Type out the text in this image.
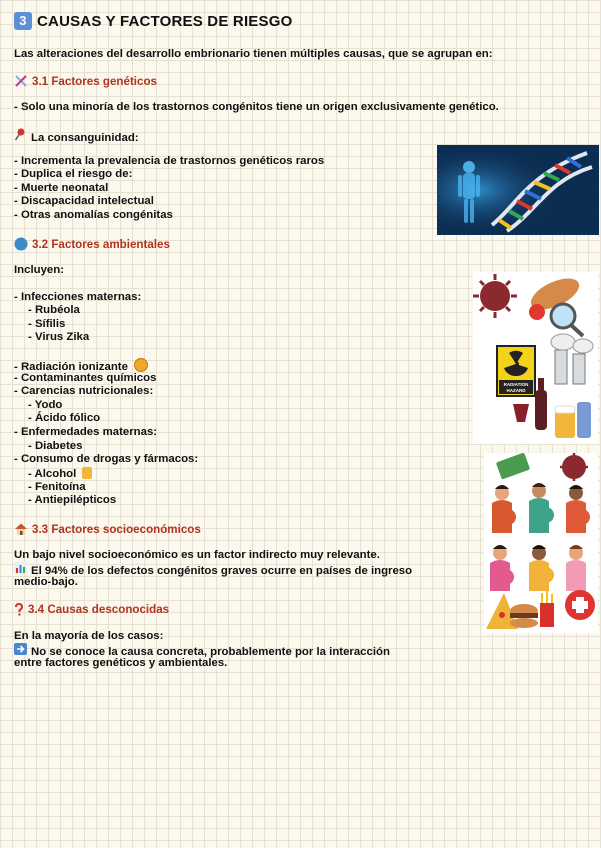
3 CAUSAS Y FACTORES DE RIESGO
Las alteraciones del desarrollo embrionario tienen múltiples causas, que se agrupan en:
3.1 Factores genéticos
- Solo una minoría de los trastornos congénitos tiene un origen exclusivamente genético.
La consanguinidad:
- Incrementa la prevalencia de trastornos genéticos raros
- Duplica el riesgo de:
- Muerte neonatal
- Discapacidad intelectual
- Otras anomalías congénitas
3.2 Factores ambientales
Incluyen:
- Infecciones maternas:
- Rubéola
- Sífilis
- Virus Zika
- Radiación ionizante
- Contaminantes químicos
- Carencias nutricionales:
- Yodo
- Ácido fólico
- Enfermedades maternas:
- Diabetes
- Consumo de drogas y fármacos:
- Alcohol
- Fenitoína
- Antiepilépticos
RADIATION
HAZARD
3.3 Factores socioeconómicos
Un bajo nivel socioeconómico es un factor indirecto muy relevante.
El 94% de los defectos congénitos graves ocurre en países de ingreso
medio-bajo.
3.4 Causas desconocidas
En la mayoría de los casos:
No se conoce la causa concreta, probablemente por la interacción
entre factores genéticos y ambientales.
